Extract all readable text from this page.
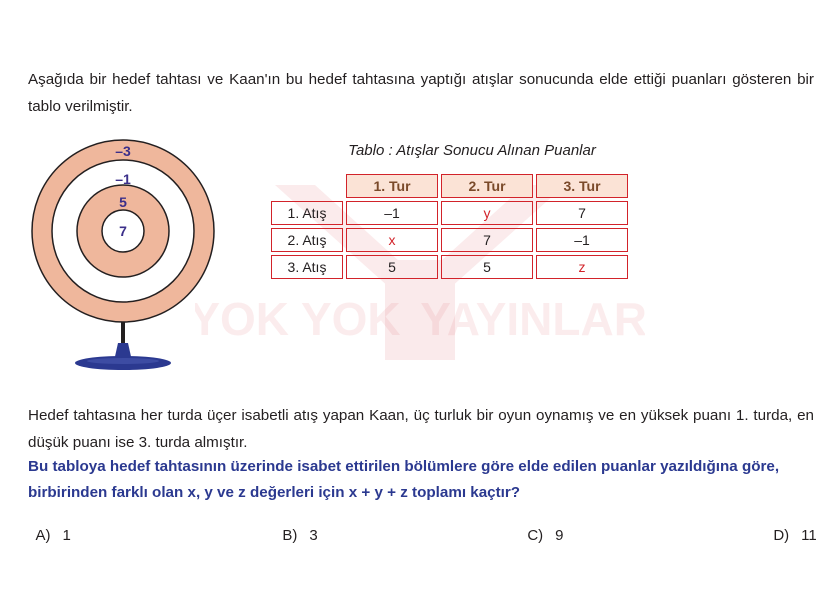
Aşağıda bir hedef tahtası ve Kaan'ın bu hedef tahtasına yaptığı atışlar sonucunda elde ettiği puanları gösteren bir tablo verilmiştir.

YOK YOK YAYINLARI
–3
–1
5
7
Tablo : Atışlar Sonucu Alınan Puanlar
	1. Tur	2. Tur	3. Tur
1. Atış	–1	y	7
2. Atış	x	7	–1
3. Atış	5	5	z

Hedef tahtasına her turda üçer isabetli atış yapan Kaan, üç turluk bir oyun oynamış ve en yüksek puanı 1. turda, en düşük puanı ise 3. turda almıştır.

Bu tabloya hedef tahtasının üzerinde isabet ettirilen bölümlere göre elde edilen puanlar yazıldığına göre, birbirinden farklı olan x, y ve z değerleri için x + y + z toplamı kaçtır?

A) 1	B) 3	C) 9	D) 11
